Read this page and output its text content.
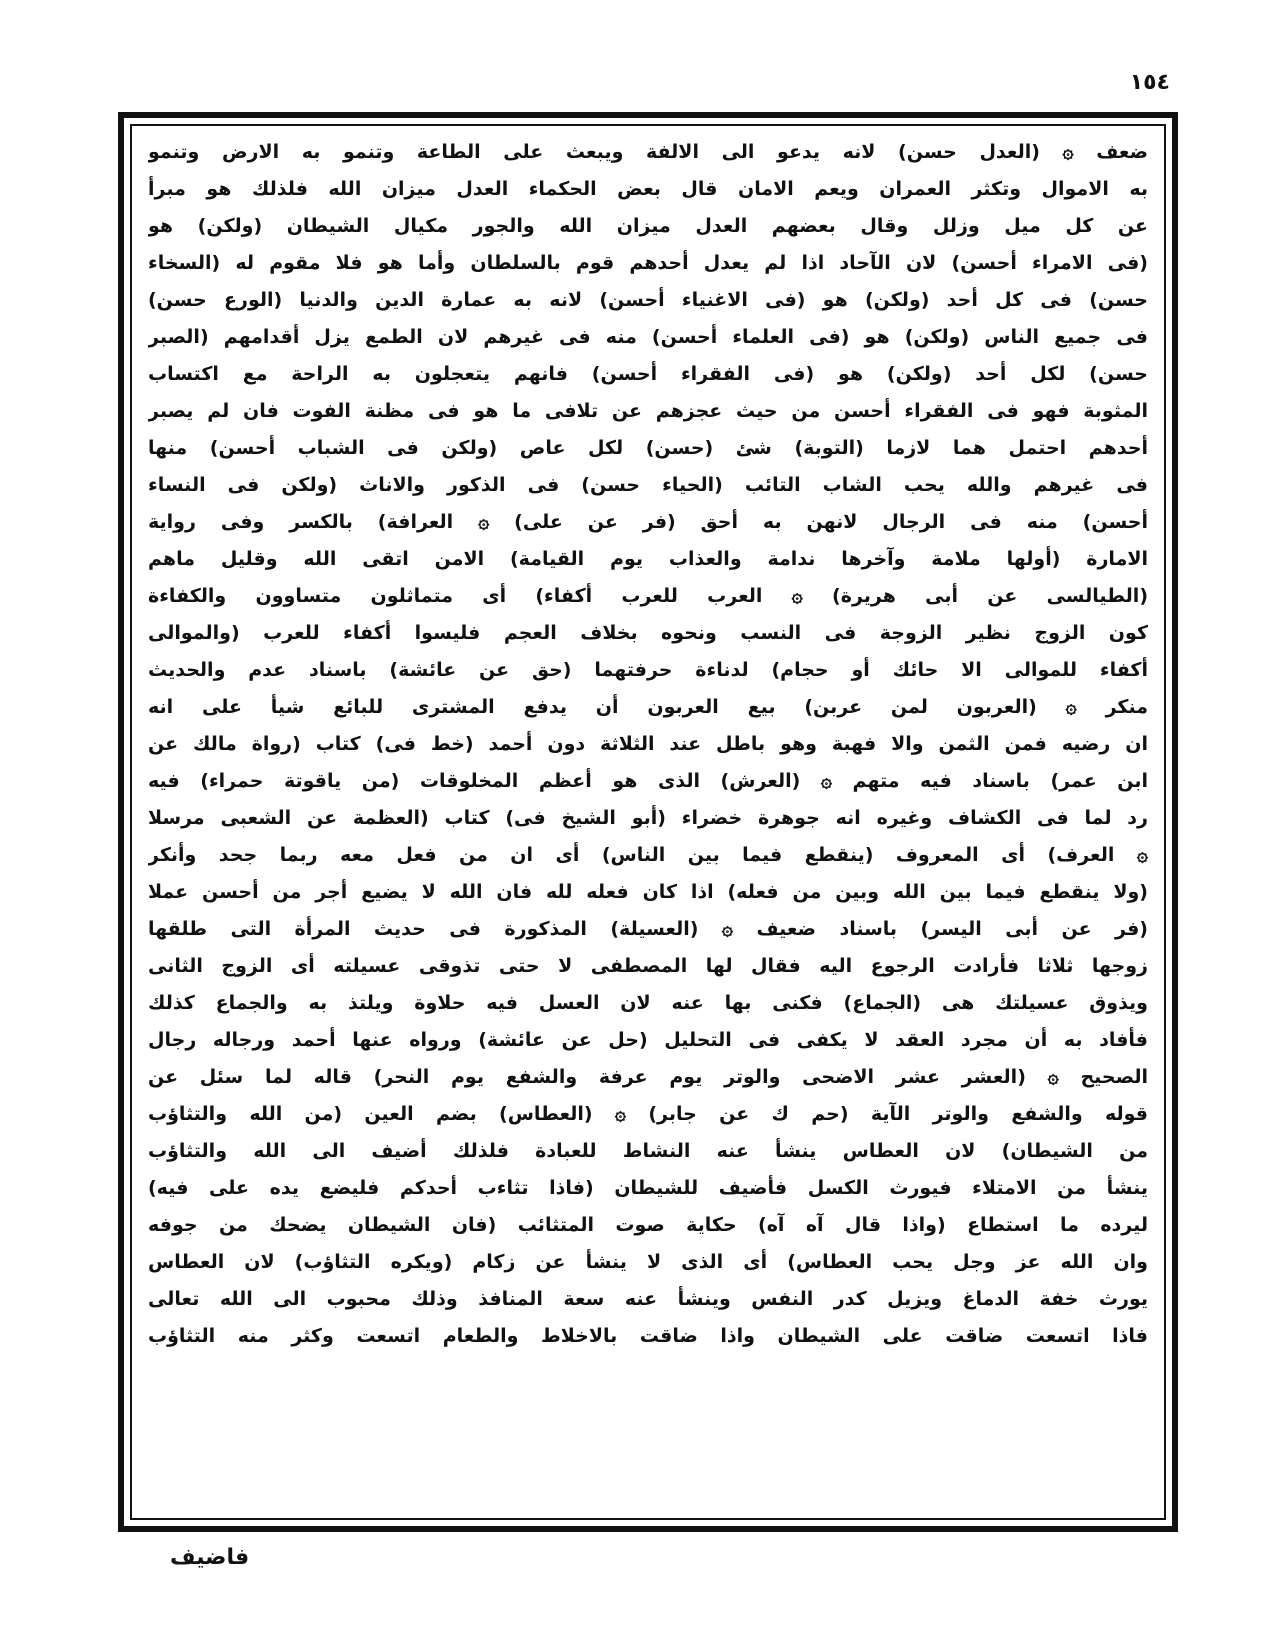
١٥٤
ضعف ۞ (العدل حسن) لانه يدعو الى الالفة ويبعث على الطاعة وتنمو به الارض وتنمو
به الاموال وتكثر العمران ويعم الامان قال بعض الحكماء العدل ميزان الله فلذلك هو مبرأ
عن كل ميل وزلل وقال بعضهم العدل ميزان الله والجور مكيال الشيطان (ولكن) هو
(فى الامراء أحسن) لان الآحاد اذا لم يعدل أحدهم قوم بالسلطان وأما هو فلا مقوم له (السخاء
حسن) فى كل أحد (ولكن) هو (فى الاغنياء أحسن) لانه به عمارة الدين والدنيا (الورع حسن)
فى جميع الناس (ولكن) هو (فى العلماء أحسن) منه فى غيرهم لان الطمع يزل أقدامهم (الصبر
حسن) لكل أحد (ولكن) هو (فى الفقراء أحسن) فانهم يتعجلون به الراحة مع اكتساب
المثوبة فهو فى الفقراء أحسن من حيث عجزهم عن تلافى ما هو فى مظنة الفوت فان لم يصبر
أحدهم احتمل هما لازما (التوبة) شئ (حسن) لكل عاص (ولكن فى الشباب أحسن) منها
فى غيرهم والله يحب الشاب التائب (الحياء حسن) فى الذكور والاناث (ولكن فى النساء
أحسن) منه فى الرجال لانهن به أحق (فر عن على) ۞ العرافة) بالكسر وفى رواية
الامارة (أولها ملامة وآخرها ندامة والعذاب يوم القيامة) الامن اتقى الله وقليل ماهم
(الطيالسى عن أبى هريرة) ۞ العرب للعرب أكفاء) أى متماثلون متساوون والكفاءة
كون الزوج نظير الزوجة فى النسب ونحوه بخلاف العجم فليسوا أكفاء للعرب (والموالى
أكفاء للموالى الا حائك أو حجام) لدناءة حرفتهما (حق عن عائشة) باسناد عدم والحديث
منكر ۞ (العربون لمن عربن) بيع العربون أن يدفع المشترى للبائع شيأ على انه
ان رضيه فمن الثمن والا فهبة وهو باطل عند الثلاثة دون أحمد (خط فى) كتاب (رواة مالك عن
ابن عمر) باسناد فيه متهم ۞ (العرش) الذى هو أعظم المخلوقات (من ياقوتة حمراء) فيه
رد لما فى الكشاف وغيره انه جوهرة خضراء (أبو الشيخ فى) كتاب (العظمة عن الشعبى مرسلا
۞ العرف) أى المعروف (ينقطع فيما بين الناس) أى ان من فعل معه ربما جحد وأنكر
(ولا ينقطع فيما بين الله وبين من فعله) اذا كان فعله لله فان الله لا يضيع أجر من أحسن عملا
(فر عن أبى اليسر) باسناد ضعيف ۞ (العسيلة) المذكورة فى حديث المرأة التى طلقها
زوجها ثلاثا فأرادت الرجوع اليه فقال لها المصطفى لا حتى تذوقى عسيلته أى الزوج الثانى
ويذوق عسيلتك هى (الجماع) فكنى بها عنه لان العسل فيه حلاوة ويلتذ به والجماع كذلك
فأفاد به أن مجرد العقد لا يكفى فى التحليل (حل عن عائشة) ورواه عنها أحمد ورجاله رجال
الصحيح ۞ (العشر عشر الاضحى والوتر يوم عرفة والشفع يوم النحر) قاله لما سئل عن
قوله والشفع والوتر الآية (حم ك عن جابر) ۞ (العطاس) بضم العين (من الله والتثاؤب
من الشيطان) لان العطاس ينشأ عنه النشاط للعبادة فلذلك أضيف الى الله والتثاؤب
ينشأ من الامتلاء فيورث الكسل فأضيف للشيطان (فاذا تثاءب أحدكم فليضع يده على فيه)
ليرده ما استطاع (واذا قال آه آه) حكاية صوت المتثائب (فان الشيطان يضحك من جوفه
وان الله عز وجل يحب العطاس) أى الذى لا ينشأ عن زكام (ويكره التثاؤب) لان العطاس
يورث خفة الدماغ ويزيل كدر النفس وينشأ عنه سعة المنافذ وذلك محبوب الى الله تعالى
فاذا اتسعت ضاقت على الشيطان واذا ضاقت بالاخلاط والطعام اتسعت وكثر منه التثاؤب
فاضيف
